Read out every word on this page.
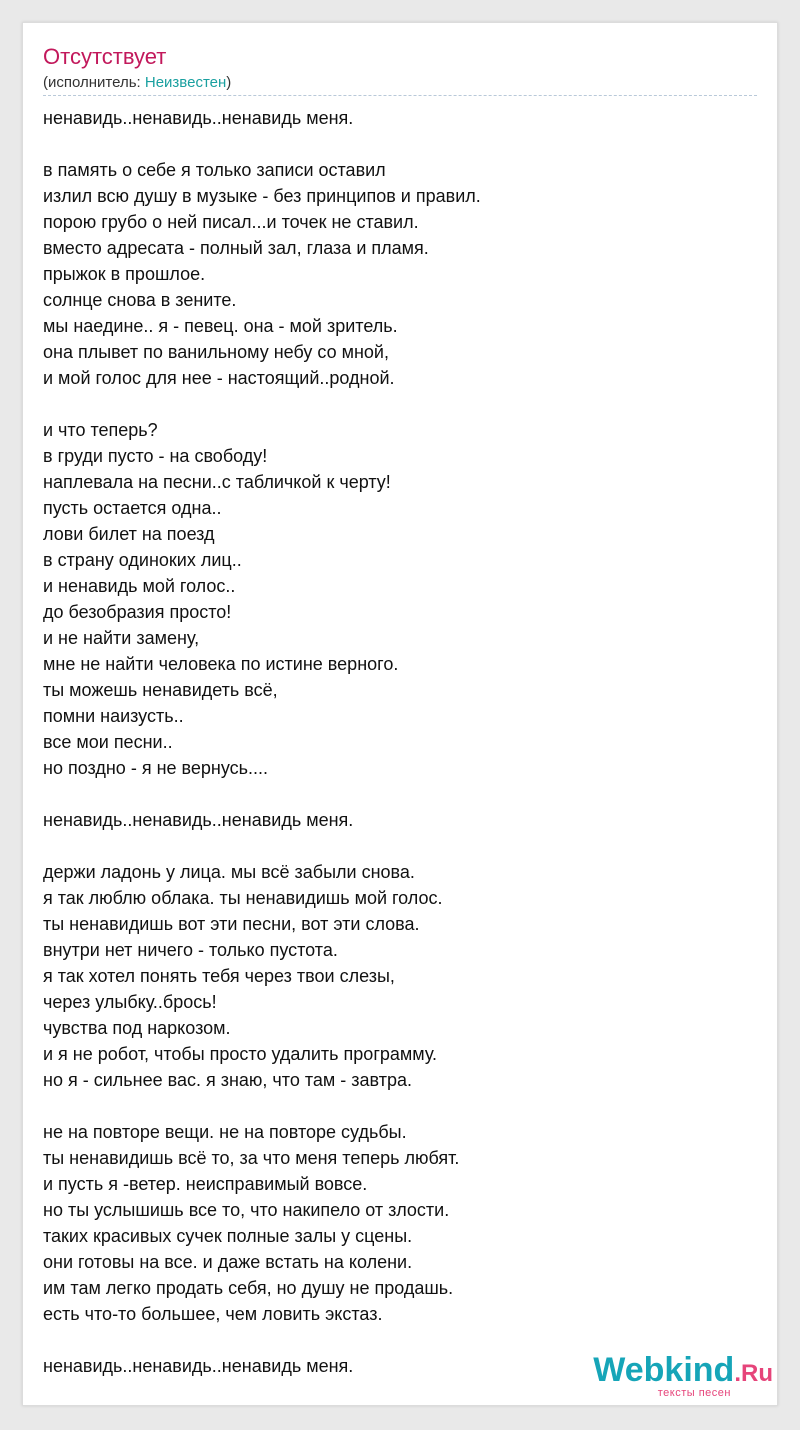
Отсутствует
(исполнитель: Неизвестен)
ненавидь..ненавидь..ненавидь меня.
в память о себе я только записи оставил
излил всю душу в музыке - без принципов и правил.
порою грубо о ней писал...и точек не ставил.
вместо адресата - полный зал, глаза и пламя.
прыжок в прошлое.
солнце снова в зените.
мы наедине.. я - певец. она - мой зритель.
она плывет по ванильному небу со мной,
и мой голос для нее - настоящий..родной.
и что теперь?
в груди пусто - на свободу!
наплевала на песни..с табличкой к черту!
пусть остается одна..
лови билет на поезд
в страну одиноких лиц..
и ненавидь мой голос..
до безобразия просто!
и не найти замену,
мне не найти человека по истине верного.
ты можешь ненавидеть всё,
помни наизусть..
все мои песни..
но поздно - я не вернусь....
ненавидь..ненавидь..ненавидь меня.
держи ладонь у лица. мы всё забыли снова.
я так люблю облака. ты ненавидишь мой голос.
ты ненавидишь вот эти песни, вот эти слова.
внутри нет ничего - только пустота.
я так хотел понять тебя через твои слезы,
через улыбку..брось!
чувства под наркозом.
и я не робот, чтобы просто удалить программу.
но я - сильнее вас. я знаю, что там - завтра.
не на повторе вещи. не на повторе судьбы.
ты ненавидишь всё то, за что меня теперь любят.
и пусть я -ветер. неисправимый вовсе.
но ты услышишь все то, что накипело от злости.
таких красивых сучек полные залы у сцены.
они готовы на все. и даже встать на колени.
им там легко продать себя, но душу не продашь.
есть что-то большее, чем ловить экстаз.
ненавидь..ненавидь..ненавидь меня.	Webkind.Ru
тексты песен
